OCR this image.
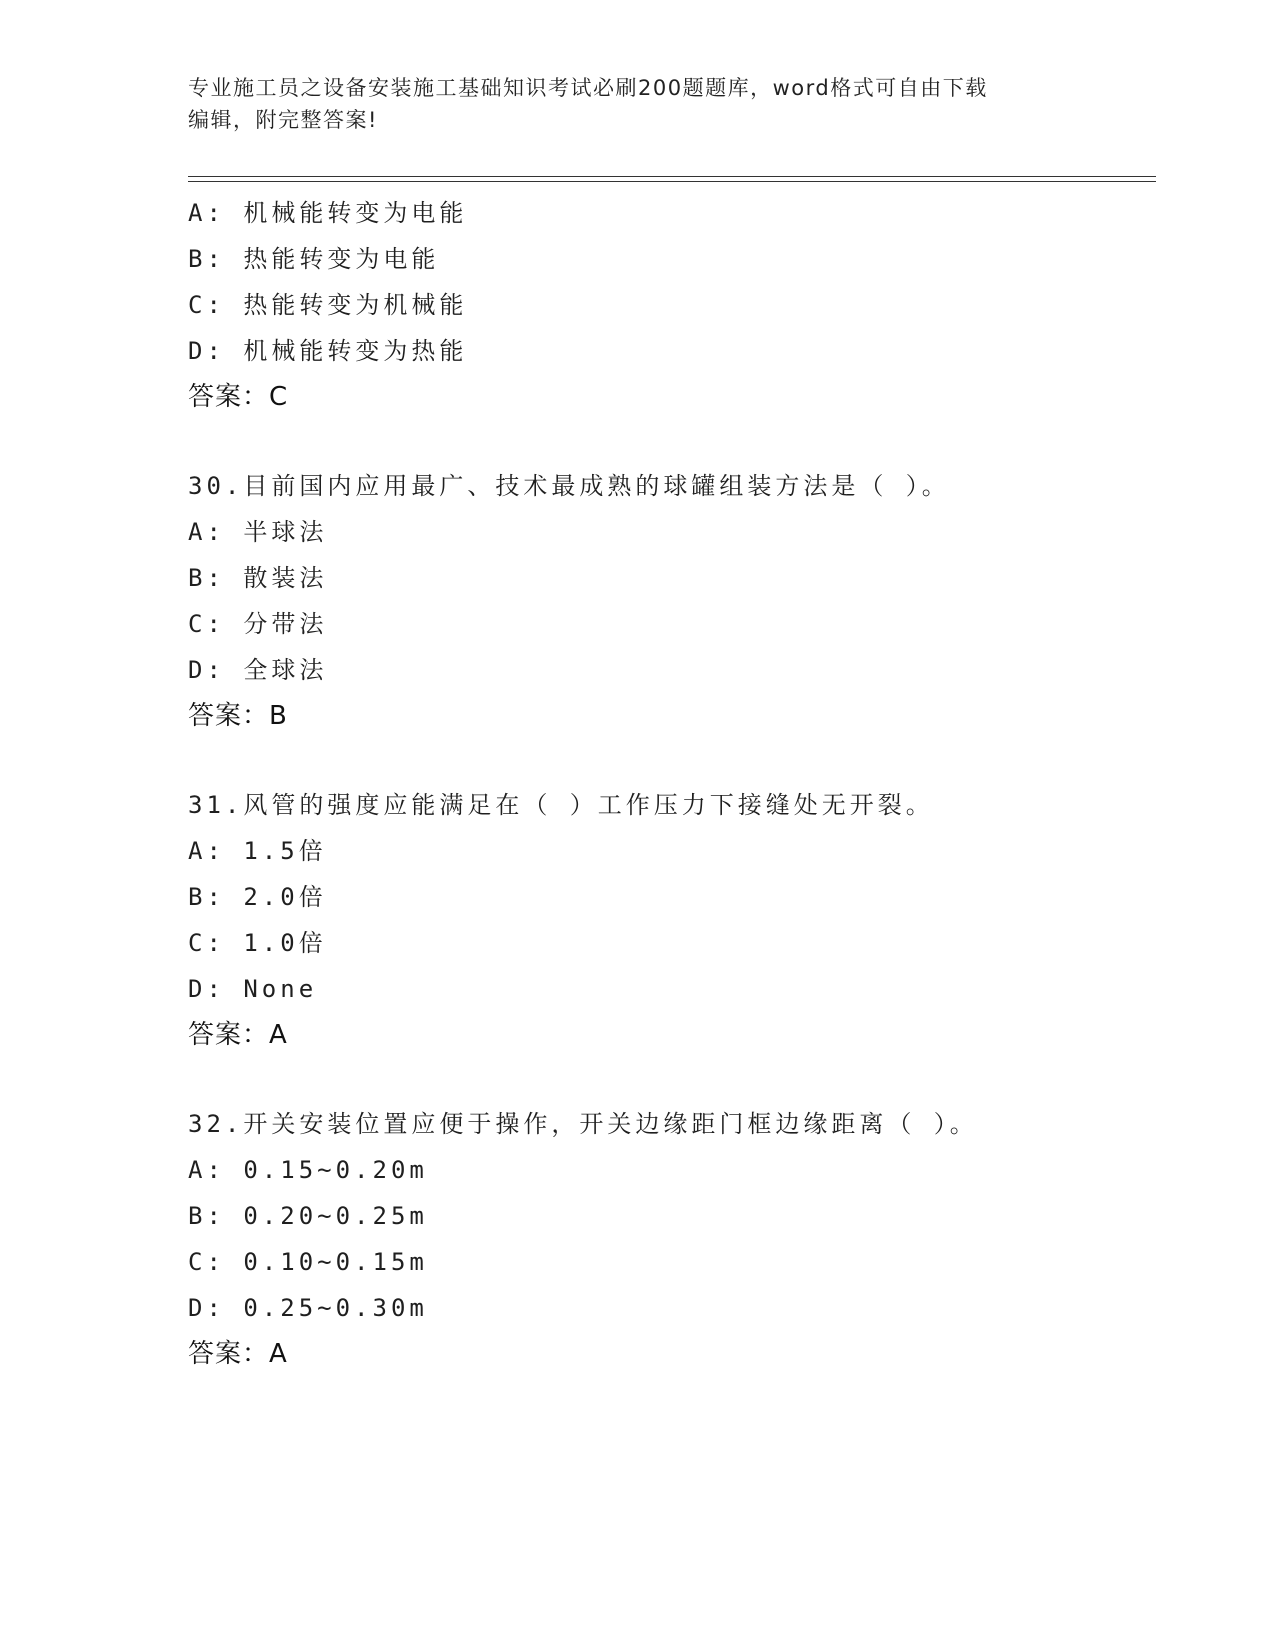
专业施工员之设备安装施工基础知识考试必刷200题题库，word格式可自由下载
编辑，附完整答案!
A: 机械能转变为电能
B: 热能转变为电能
C: 热能转变为机械能
D: 机械能转变为热能
答案：C
30.目前国内应用最广、技术最成熟的球罐组装方法是（ ）。
A: 半球法
B: 散装法
C: 分带法
D: 全球法
答案：B
31.风管的强度应能满足在（ ）工作压力下接缝处无开裂。
A: 1.5倍
B: 2.0倍
C: 1.0倍
D: None
答案：A
32.开关安装位置应便于操作，开关边缘距门框边缘距离（ ）。
A: 0.15~0.20m
B: 0.20~0.25m
C: 0.10~0.15m
D: 0.25~0.30m
答案：A
